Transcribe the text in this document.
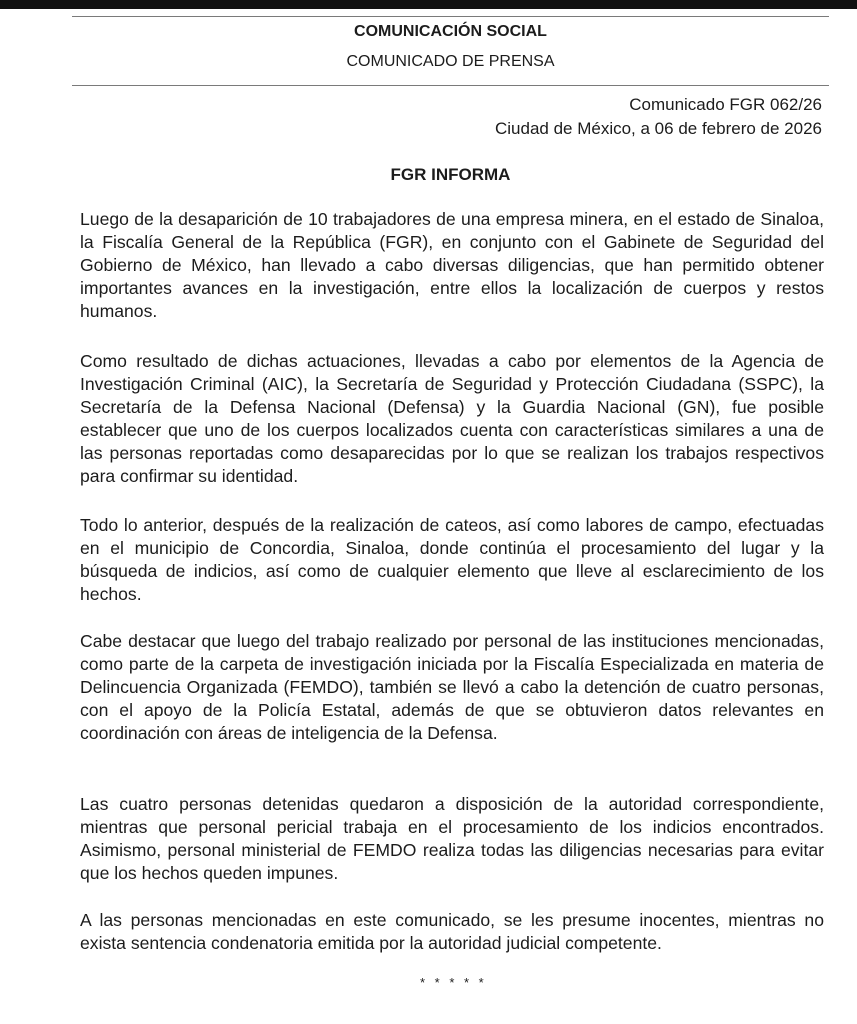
COMUNICACIÓN SOCIAL
COMUNICADO DE PRENSA
Comunicado FGR 062/26
Ciudad de México, a 06 de febrero de 2026
FGR INFORMA

Luego de la desaparición de 10 trabajadores de una empresa minera, en el estado de Sinaloa, la Fiscalía General de la República (FGR), en conjunto con el Gabinete de Seguridad del Gobierno de México, han llevado a cabo diversas diligencias, que han permitido obtener importantes avances en la investigación, entre ellos la localización de cuerpos y restos humanos.

Como resultado de dichas actuaciones, llevadas a cabo por elementos de la Agencia de Investigación Criminal (AIC), la Secretaría de Seguridad y Protección Ciudadana (SSPC), la Secretaría de la Defensa Nacional (Defensa) y la Guardia Nacional (GN), fue posible establecer que uno de los cuerpos localizados cuenta con características similares a una de las personas reportadas como desaparecidas por lo que se realizan los trabajos respectivos para confirmar su identidad.

Todo lo anterior, después de la realización de cateos, así como labores de campo, efectuadas en el municipio de Concordia, Sinaloa, donde continúa el procesamiento del lugar y la búsqueda de indicios, así como de cualquier elemento que lleve al esclarecimiento de los hechos.

Cabe destacar que luego del trabajo realizado por personal de las instituciones mencionadas, como parte de la carpeta de investigación iniciada por la Fiscalía Especializada en materia de Delincuencia Organizada (FEMDO), también se llevó a cabo la detención de cuatro personas, con el apoyo de la Policía Estatal, además de que se obtuvieron datos relevantes en coordinación con áreas de inteligencia de la Defensa.

Las cuatro personas detenidas quedaron a disposición de la autoridad correspondiente, mientras que personal pericial trabaja en el procesamiento de los indicios encontrados. Asimismo, personal ministerial de FEMDO realiza todas las diligencias necesarias para evitar que los hechos queden impunes.

A las personas mencionadas en este comunicado, se les presume inocentes, mientras no exista sentencia condenatoria emitida por la autoridad judicial competente.

* * * * *
